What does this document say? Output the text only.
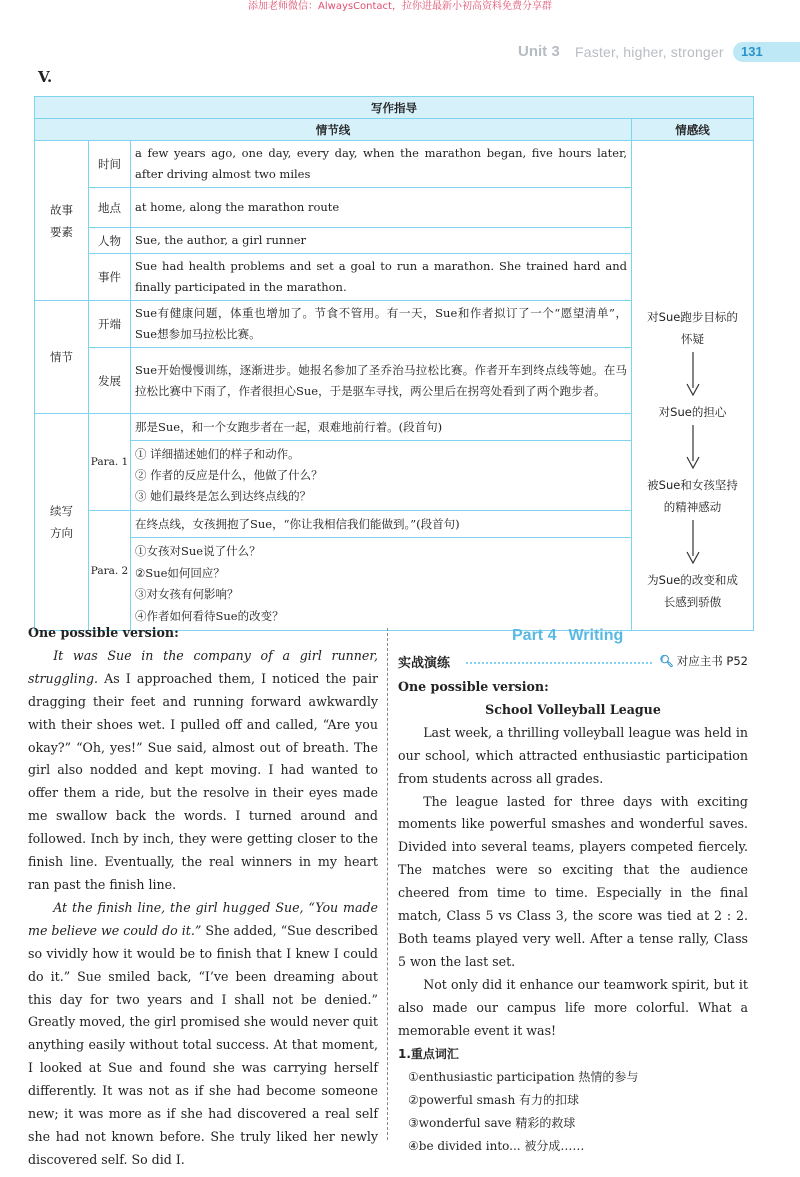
添加老师微信：AlwaysContact，拉你进最新小初高资料免费分享群
Unit 3 Faster, higher, stronger 131
V.
写作指导			
情节线			情感线
故事要素	时间	a few years ago, one day, every day, when the marathon began, five hours later, after driving almost two miles	对Sue跑步目标的怀疑
对Sue的担心
被Sue和女孩坚持的精神感动
为Sue的改变和成长感到骄傲

	地点	at home, along the marathon route	
	人物	Sue, the author, a girl runner	
	事件	Sue had health problems and set a goal to run a marathon. She trained hard and finally participated in the marathon.	
情节	开端	Sue有健康问题，体重也增加了。节食不管用。有一天，Sue和作者拟订了一个“愿望清单”，Sue想参加马拉松比赛。	
	发展	Sue开始慢慢训练，逐渐进步。她报名参加了圣乔治马拉松比赛。作者开车到终点线等她。在马拉松比赛中下雨了，作者很担心Sue，于是驱车寻找，两公里后在拐弯处看到了两个跑步者。	
续写方向	Para. 1	那是Sue，和一个女跑步者在一起，艰难地前行着。(段首句)
① 详细描述她们的样子和动作。
② 作者的反应是什么，他做了什么？
③ 她们最终是怎么到达终点线的？	

	Para. 2	在终点线，女孩拥抱了Sue，“你让我相信我们能做到。”(段首句)
①女孩对Sue说了什么？
②Sue如何回应？
③对女孩有何影响？
④作者如何看待Sue的改变？	

One possible version:

It was Sue in the company of a girl runner, struggling. As I approached them, I noticed the pair dragging their feet and running forward awkwardly with their shoes wet. I pulled off and called, “Are you okay?” “Oh, yes!” Sue said, almost out of breath. The girl also nodded and kept moving. I had wanted to offer them a ride, but the resolve in their eyes made me swallow back the words. I turned around and followed. Inch by inch, they were getting closer to the finish line. Eventually, the real winners in my heart ran past the finish line.

At the finish line, the girl hugged Sue, “You made me believe we could do it.” She added, “Sue described so vividly how it would be to finish that I knew I could do it.” Sue smiled back, “I’ve been dreaming about this day for two years and I shall not be denied.” Greatly moved, the girl promised she would never quit anything easily without total success. At that moment, I looked at Sue and found she was carrying herself differently. It was not as if she had become someone new; it was more as if she had discovered a real self she had not known before. She truly liked her newly discovered self. So did I.

Part 4 Writing
实战演练	🔍︎ 对应主书 P52

One possible version:

School Volleyball League

Last week, a thrilling volleyball league was held in our school, which attracted enthusiastic participation from students across all grades.

The league lasted for three days with exciting moments like powerful smashes and wonderful saves. Divided into several teams, players competed fiercely. The matches were so exciting that the audience cheered from time to time. Especially in the final match, Class 5 vs Class 3, the score was tied at 2 : 2. Both teams played very well. After a tense rally, Class 5 won the last set.

Not only did it enhance our teamwork spirit, but it also made our campus life more colorful. What a memorable event it was!

1.重点词汇
①enthusiastic participation 热情的参与
②powerful smash 有力的扣球
③wonderful save 精彩的救球
④be divided into... 被分成……
